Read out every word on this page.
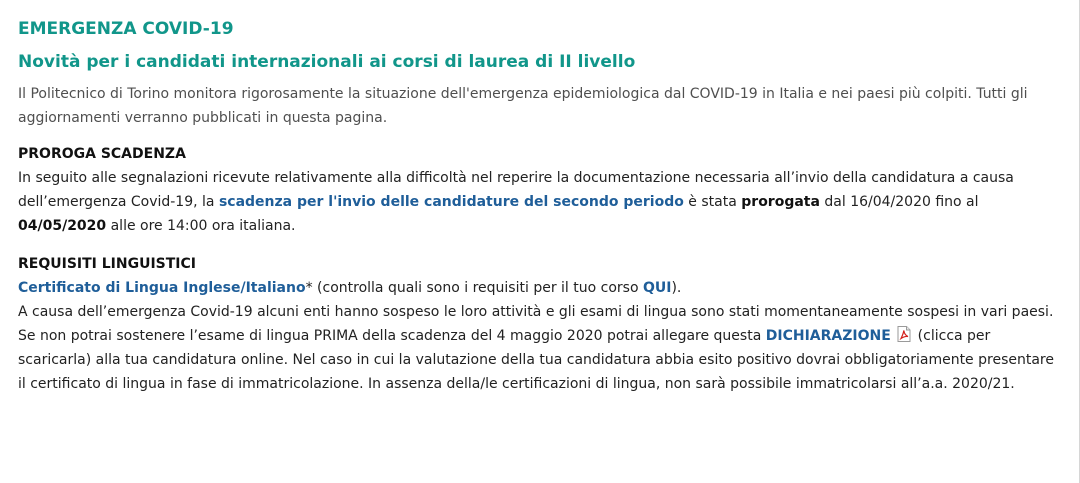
EMERGENZA COVID-19
Novità per i candidati internazionali ai corsi di laurea di II livello

Il Politecnico di Torino monitora rigorosamente la situazione dell'emergenza epidemiologica dal COVID-19 in Italia e nei paesi più colpiti. Tutti gli aggiornamenti verranno pubblicati in questa pagina.

PROROGA SCADENZA

In seguito alle segnalazioni ricevute relativamente alla difficoltà nel reperire la documentazione necessaria all’invio della candidatura a causa dell’emergenza Covid-19, la scadenza per l'invio delle candidature del secondo periodo è stata prorogata dal 16/04/2020 fino al 04/05/2020 alle ore 14:00 ora italiana.

REQUISITI LINGUISTICI

Certificato di Lingua Inglese/Italiano* (controlla quali sono i requisiti per il tuo corso QUI).

A causa dell’emergenza Covid-19 alcuni enti hanno sospeso le loro attività e gli esami di lingua sono stati momentaneamente sospesi in vari paesi. Se non potrai sostenere l’esame di lingua PRIMA della scadenza del 4 maggio 2020 potrai allegare questa DICHIARAZIONE  (clicca per scaricarla) alla tua candidatura online. Nel caso in cui la valutazione della tua candidatura abbia esito positivo dovrai obbligatoriamente presentare il certificato di lingua in fase di immatricolazione. In assenza della/le certificazioni di lingua, non sarà possibile immatricolarsi all’a.a. 2020/21.
